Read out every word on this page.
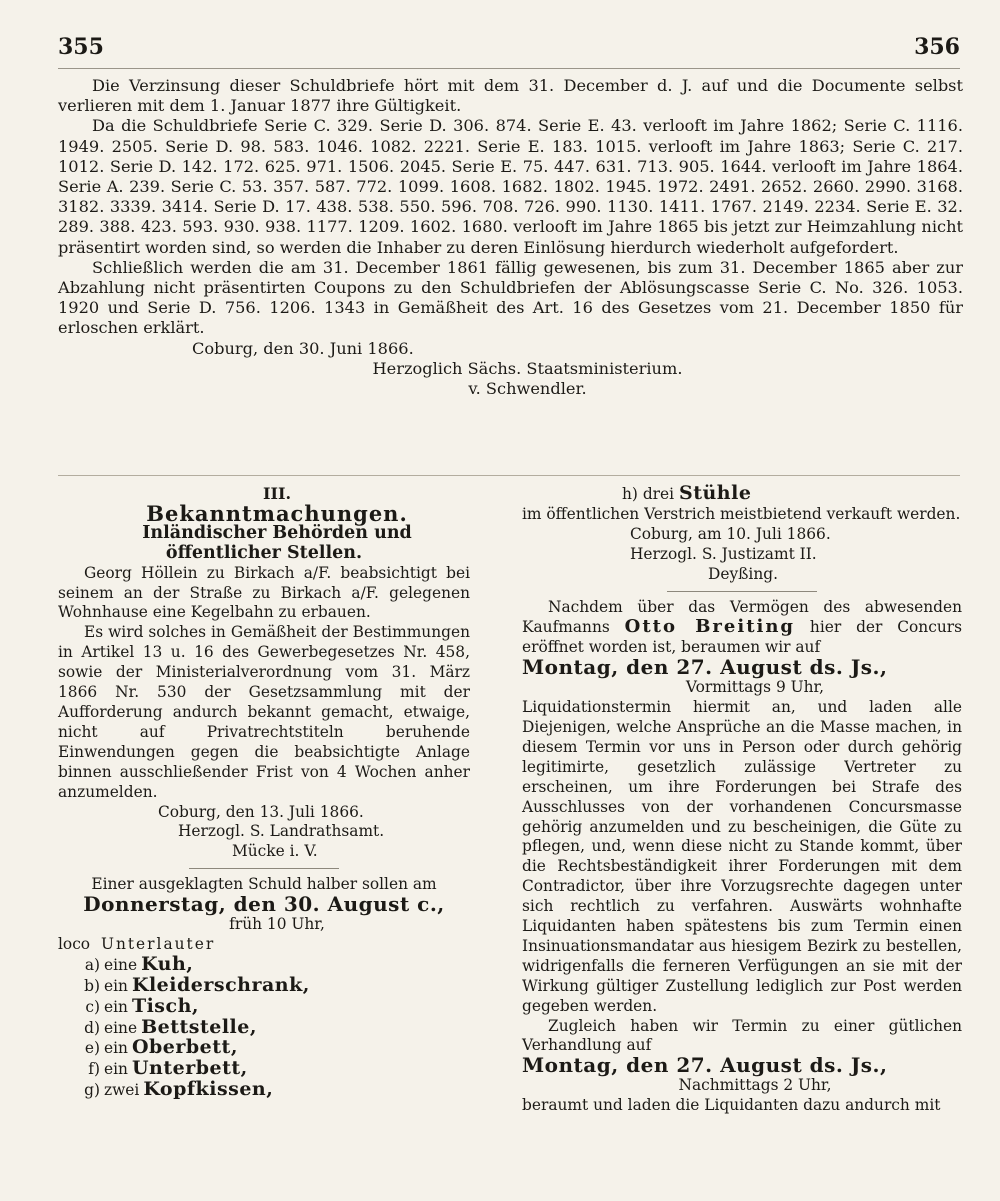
355	356

Die Verzinsung dieser Schuldbriefe hört mit dem 31. December d. J. auf und die Documente selbst verlieren mit dem 1. Januar 1877 ihre Gültigkeit.

Da die Schuldbriefe Serie C. 329. Serie D. 306. 874. Serie E. 43. verlooft im Jahre 1862; Serie C. 1116. 1949. 2505. Serie D. 98. 583. 1046. 1082. 2221. Serie E. 183. 1015. verlooft im Jahre 1863; Serie C. 217. 1012. Serie D. 142. 172. 625. 971. 1506. 2045. Serie E. 75. 447. 631. 713. 905. 1644. verlooft im Jahre 1864. Serie A. 239. Serie C. 53. 357. 587. 772. 1099. 1608. 1682. 1802. 1945. 1972. 2491. 2652. 2660. 2990. 3168. 3182. 3339. 3414. Serie D. 17. 438. 538. 550. 596. 708. 726. 990. 1130. 1411. 1767. 2149. 2234. Serie E. 32. 289. 388. 423. 593. 930. 938. 1177. 1209. 1602. 1680. verlooft im Jahre 1865 bis jetzt zur Heimzahlung nicht präsentirt worden sind, so werden die Inhaber zu deren Einlösung hierdurch wiederholt aufgefordert.

Schließlich werden die am 31. December 1861 fällig gewesenen, bis zum 31. December 1865 aber zur Abzahlung nicht präsentirten Coupons zu den Schuldbriefen der Ablösungscasse Serie C. No. 326. 1053. 1920 und Serie D. 756. 1206. 1343 in Gemäßheit des Art. 16 des Gesetzes vom 21. December 1850 für erloschen erklärt.

Coburg, den 30. Juni 1866.

Herzoglich Sächs. Staatsministerium.

v. Schwendler.

III.

Bekanntmachungen.

Inländischer Behörden und öffentlicher Stellen.

Georg Höllein zu Birkach a/F. beabsichtigt bei seinem an der Straße zu Birkach a/F. gelegenen Wohnhause eine Kegelbahn zu erbauen.

Es wird solches in Gemäßheit der Bestimmungen in Artikel 13 u. 16 des Gewerbegesetzes Nr. 458, sowie der Ministerialverordnung vom 31. März 1866 Nr. 530 der Gesetzsammlung mit der Aufforderung andurch bekannt gemacht, etwaige, nicht auf Privatrechtstiteln beruhende Einwendungen gegen die beabsichtigte Anlage binnen ausschließender Frist von 4 Wochen anher anzumelden.

Coburg, den 13. Juli 1866.

Herzogl. S. Landrathsamt.

Mücke i. V.

Einer ausgeklagten Schuld halber sollen am

Donnerstag, den 30. August c.,

früh 10 Uhr,

loco Unterlauter

a) eine Kuh,
b) ein Kleiderschrank,
c) ein Tisch,
d) eine Bettstelle,
e) ein Oberbett,
f) ein Unterbett,
g) zwei Kopfkissen,

h) drei Stühle

im öffentlichen Verstrich meistbietend verkauft werden.

Coburg, am 10. Juli 1866.

Herzogl. S. Justizamt II.

Deyßing.

Nachdem über das Vermögen des abwesenden Kaufmanns Otto Breiting hier der Concurs eröffnet worden ist, beraumen wir auf

Montag, den 27. August ds. Js.,

Vormittags 9 Uhr,

Liquidationstermin hiermit an, und laden alle Diejenigen, welche Ansprüche an die Masse machen, in diesem Termin vor uns in Person oder durch gehörig legitimirte, gesetzlich zulässige Vertreter zu erscheinen, um ihre Forderungen bei Strafe des Ausschlusses von der vorhandenen Concursmasse gehörig anzumelden und zu bescheinigen, die Güte zu pflegen, und, wenn diese nicht zu Stande kommt, über die Rechtsbeständigkeit ihrer Forderungen mit dem Contradictor, über ihre Vorzugsrechte dagegen unter sich rechtlich zu verfahren. Auswärts wohnhafte Liquidanten haben spätestens bis zum Termin einen Insinuationsmandatar aus hiesigem Bezirk zu bestellen, widrigenfalls die ferneren Verfügungen an sie mit der Wirkung gültiger Zustellung lediglich zur Post werden gegeben werden.

Zugleich haben wir Termin zu einer gütlichen Verhandlung auf

Montag, den 27. August ds. Js.,

Nachmittags 2 Uhr,

beraumt und laden die Liquidanten dazu andurch mit
